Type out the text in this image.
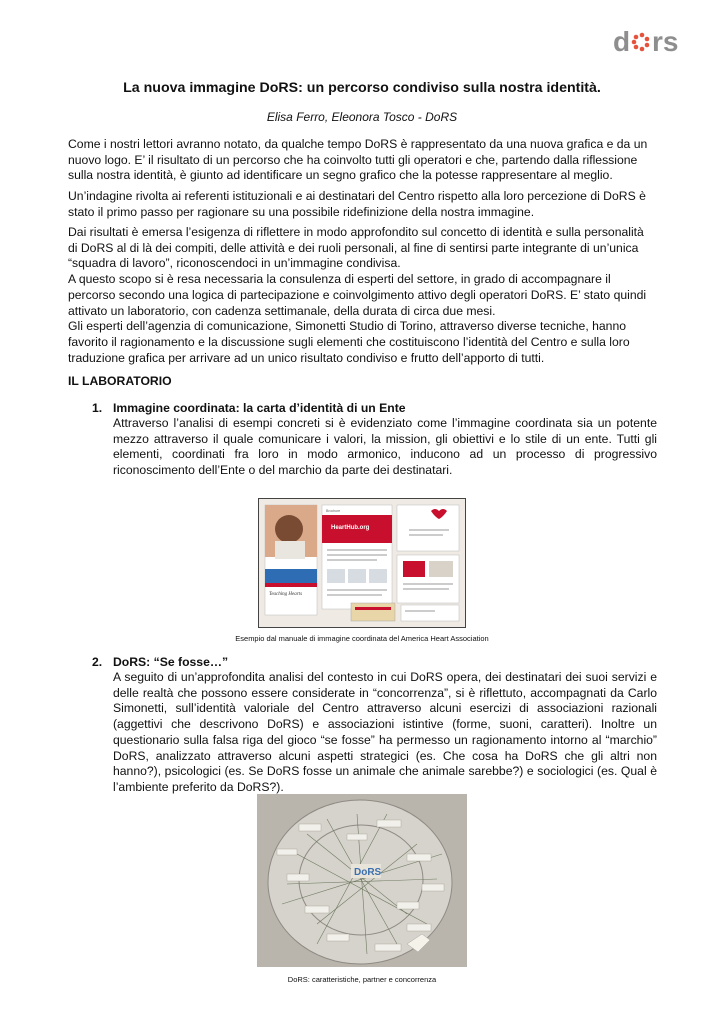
d rs
La nuova immagine DoRS: un percorso condiviso sulla nostra identità.
Elisa Ferro, Eleonora Tosco - DoRS

Come i nostri lettori avranno notato, da qualche tempo DoRS è rappresentato da una nuova grafica e da un
nuovo logo. E’ il risultato di un percorso che ha coinvolto tutti gli operatori e che, partendo dalla riflessione
sulla nostra identità, è giunto ad identificare un segno grafico che la potesse rappresentare al meglio.

Un’indagine rivolta ai referenti istituzionali e ai destinatari del Centro rispetto alla loro percezione di DoRS è
stato il primo passo per ragionare su una possibile ridefinizione della nostra immagine.

Dai risultati è emersa l’esigenza di riflettere in modo approfondito sul concetto di identità e sulla personalità
di DoRS al di là dei compiti, delle attività e dei ruoli personali, al fine di sentirsi parte integrante di un’unica
“squadra di lavoro”, riconoscendoci in un’immagine condivisa.
A questo scopo si è resa necessaria la consulenza di esperti del settore, in grado di accompagnare il
percorso secondo una logica di partecipazione e coinvolgimento attivo degli operatori DoRS. E’ stato quindi
attivato un laboratorio, con cadenza settimanale, della durata di circa due mesi.
Gli esperti dell’agenzia di comunicazione, Simonetti Studio di Torino, attraverso diverse tecniche, hanno
favorito il ragionamento e la discussione sugli elementi che costituiscono l’identità del Centro e sulla loro
traduzione grafica per arrivare ad un unico risultato condiviso e frutto dell’apporto di tutti.

IL LABORATORIO
1. Immagine coordinata: la carta d’identità di un Ente

Attraverso l’analisi di esempi concreti si è evidenziato come l’immagine coordinata sia un potente
mezzo attraverso il quale comunicare i valori, la mission, gli obiettivi e lo stile di un ente. Tutti gli
elementi, coordinati fra loro in modo armonico, inducono ad un processo di progressivo
riconoscimento dell’Ente o del marchio da parte dei destinatari.

Teaching Hearts
Brochure
HeartHub.org
Esempio dal manuale di immagine coordinata del America Heart Association
2. DoRS: “Se fosse…”

A seguito di un’approfondita analisi del contesto in cui DoRS opera, dei destinatari dei suoi servizi e
delle realtà che possono essere considerate in “concorrenza”, si è riflettuto, accompagnati da Carlo
Simonetti, sull’identità valoriale del Centro attraverso alcuni esercizi di associazioni razionali
(aggettivi che descrivono DoRS) e associazioni istintive (forme, suoni, caratteri). Inoltre un
questionario sulla falsa riga del gioco “se fosse” ha permesso un ragionamento intorno al “marchio”
DoRS, analizzato attraverso alcuni aspetti strategici (es. Che cosa ha DoRS che gli altri non
hanno?), psicologici (es. Se DoRS fosse un animale che animale sarebbe?) e sociologici (es. Qual è
l’ambiente preferito da DoRS?).

DoRS
DoRS: caratteristiche, partner e concorrenza
